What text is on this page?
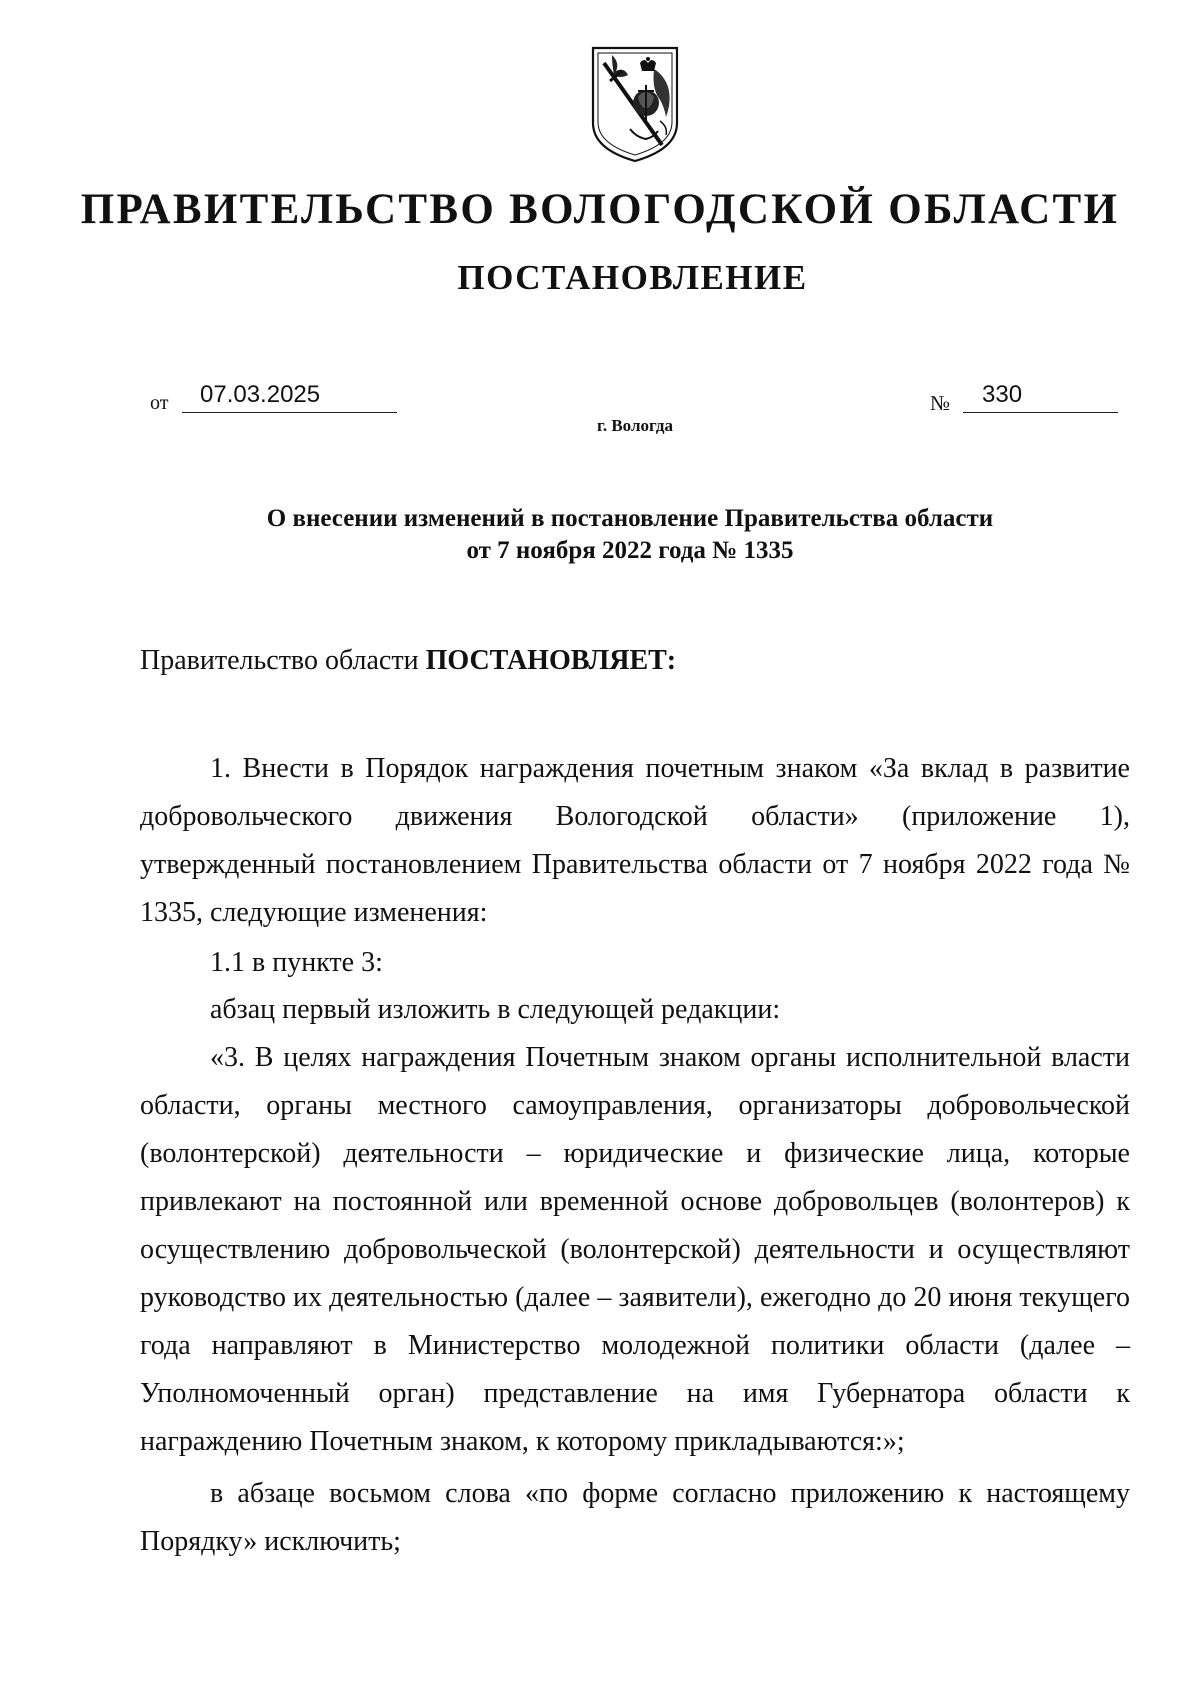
ПРАВИТЕЛЬСТВО ВОЛОГОДСКОЙ ОБЛАСТИ
ПОСТАНОВЛЕНИЕ
от 07.03.2025	№ 330
г. Вологда
О внесении изменений в постановление Правительства области
от 7 ноября 2022 года № 1335
Правительство области ПОСТАНОВЛЯЕТ:

1. Внести в Порядок награждения почетным знаком «За вклад в развитие добровольческого движения Вологодской области» (приложение 1), утвержденный постановлением Правительства области от 7 ноября 2022 года № 1335, следующие изменения:

1.1 в пункте 3:

абзац первый изложить в следующей редакции:

«3. В целях награждения Почетным знаком органы исполнительной власти области, органы местного самоуправления, организаторы добровольческой (волонтерской) деятельности – юридические и физические лица, которые привлекают на постоянной или временной основе добровольцев (волонтеров) к осуществлению добровольческой (волонтерской) деятельности и осуществляют руководство их деятельностью (далее – заявители), ежегодно до 20 июня текущего года направляют в Министерство молодежной политики области (далее – Уполномоченный орган) представление на имя Губернатора области к награждению Почетным знаком, к которому прикладываются:»;

в абзаце восьмом слова «по форме согласно приложению к настоящему Порядку» исключить;
